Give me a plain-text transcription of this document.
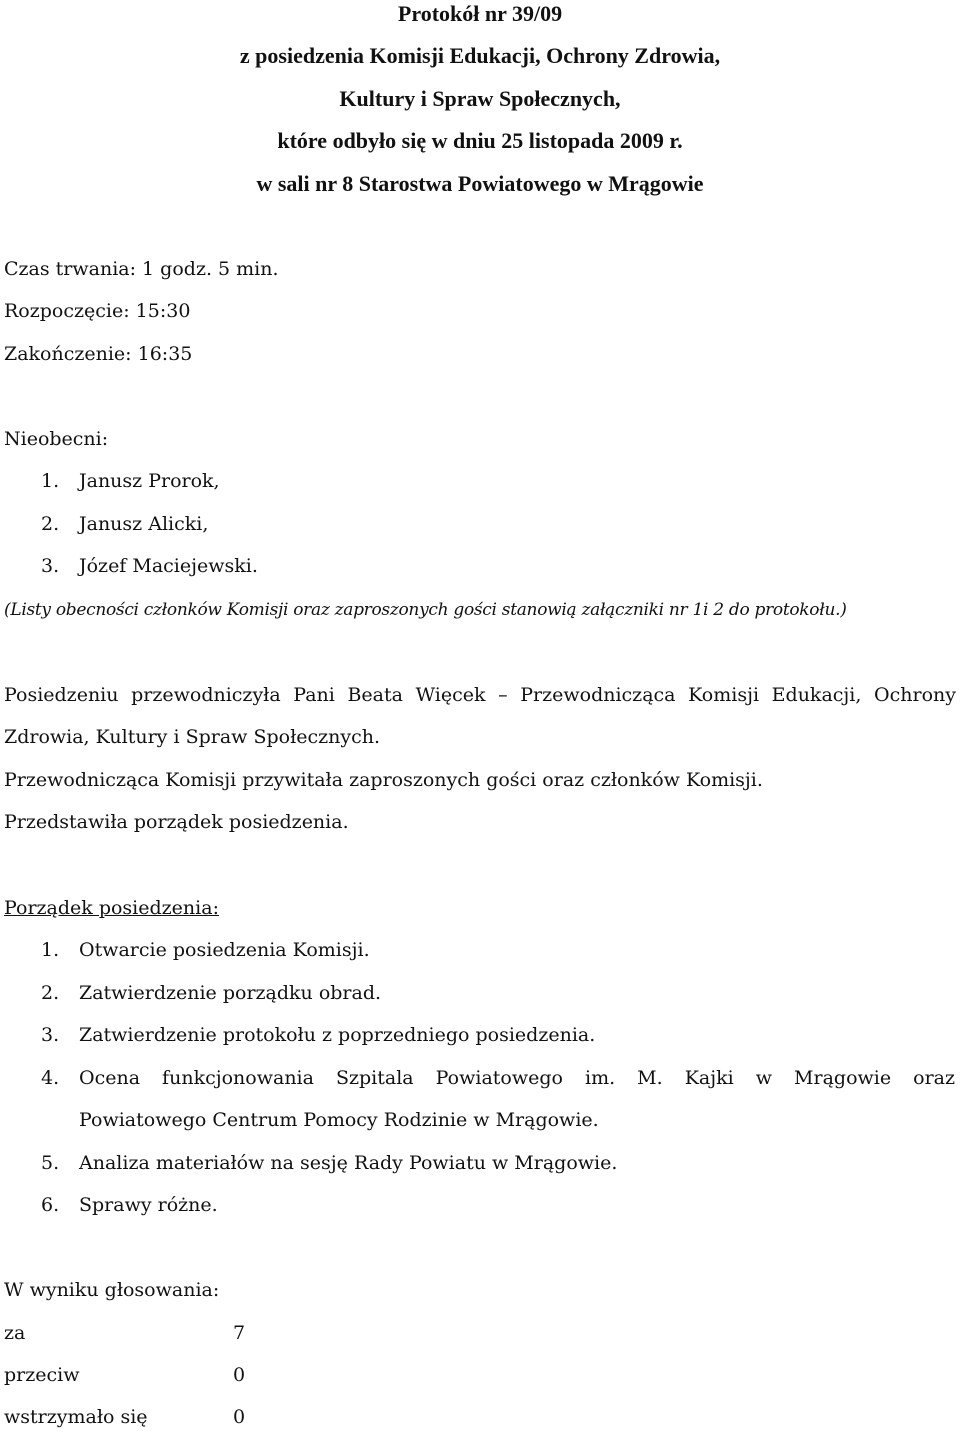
Protokół nr 39/09
z posiedzenia Komisji Edukacji, Ochrony Zdrowia,
Kultury i Spraw Społecznych,
które odbyło się w dniu 25 listopada 2009 r.
w sali nr 8 Starostwa Powiatowego w Mrągowie
Czas trwania: 1 godz. 5 min.
Rozpoczęcie: 15:30
Zakończenie: 16:35
Nieobecni:
1. Janusz Prorok,
2. Janusz Alicki,
3. Józef Maciejewski.
(Listy obecności członków Komisji oraz zaproszonych gości stanowią załączniki nr 1i 2 do protokołu.)
Posiedzeniu przewodniczyła Pani Beata Więcek – Przewodnicząca Komisji Edukacji, Ochrony
Zdrowia, Kultury i Spraw Społecznych.
Przewodnicząca Komisji przywitała zaproszonych gości oraz członków Komisji.
Przedstawiła porządek posiedzenia.
Porządek posiedzenia:
1. Otwarcie posiedzenia Komisji.
2. Zatwierdzenie porządku obrad.
3. Zatwierdzenie protokołu z poprzedniego posiedzenia.
4. Ocena funkcjonowania Szpitala Powiatowego im. M. Kajki w Mrągowie oraz
Powiatowego Centrum Pomocy Rodzinie w Mrągowie.
5. Analiza materiałów na sesję Rady Powiatu w Mrągowie.
6. Sprawy różne.
W wyniku głosowania:
za	7
przeciw	0
wstrzymało się	0
